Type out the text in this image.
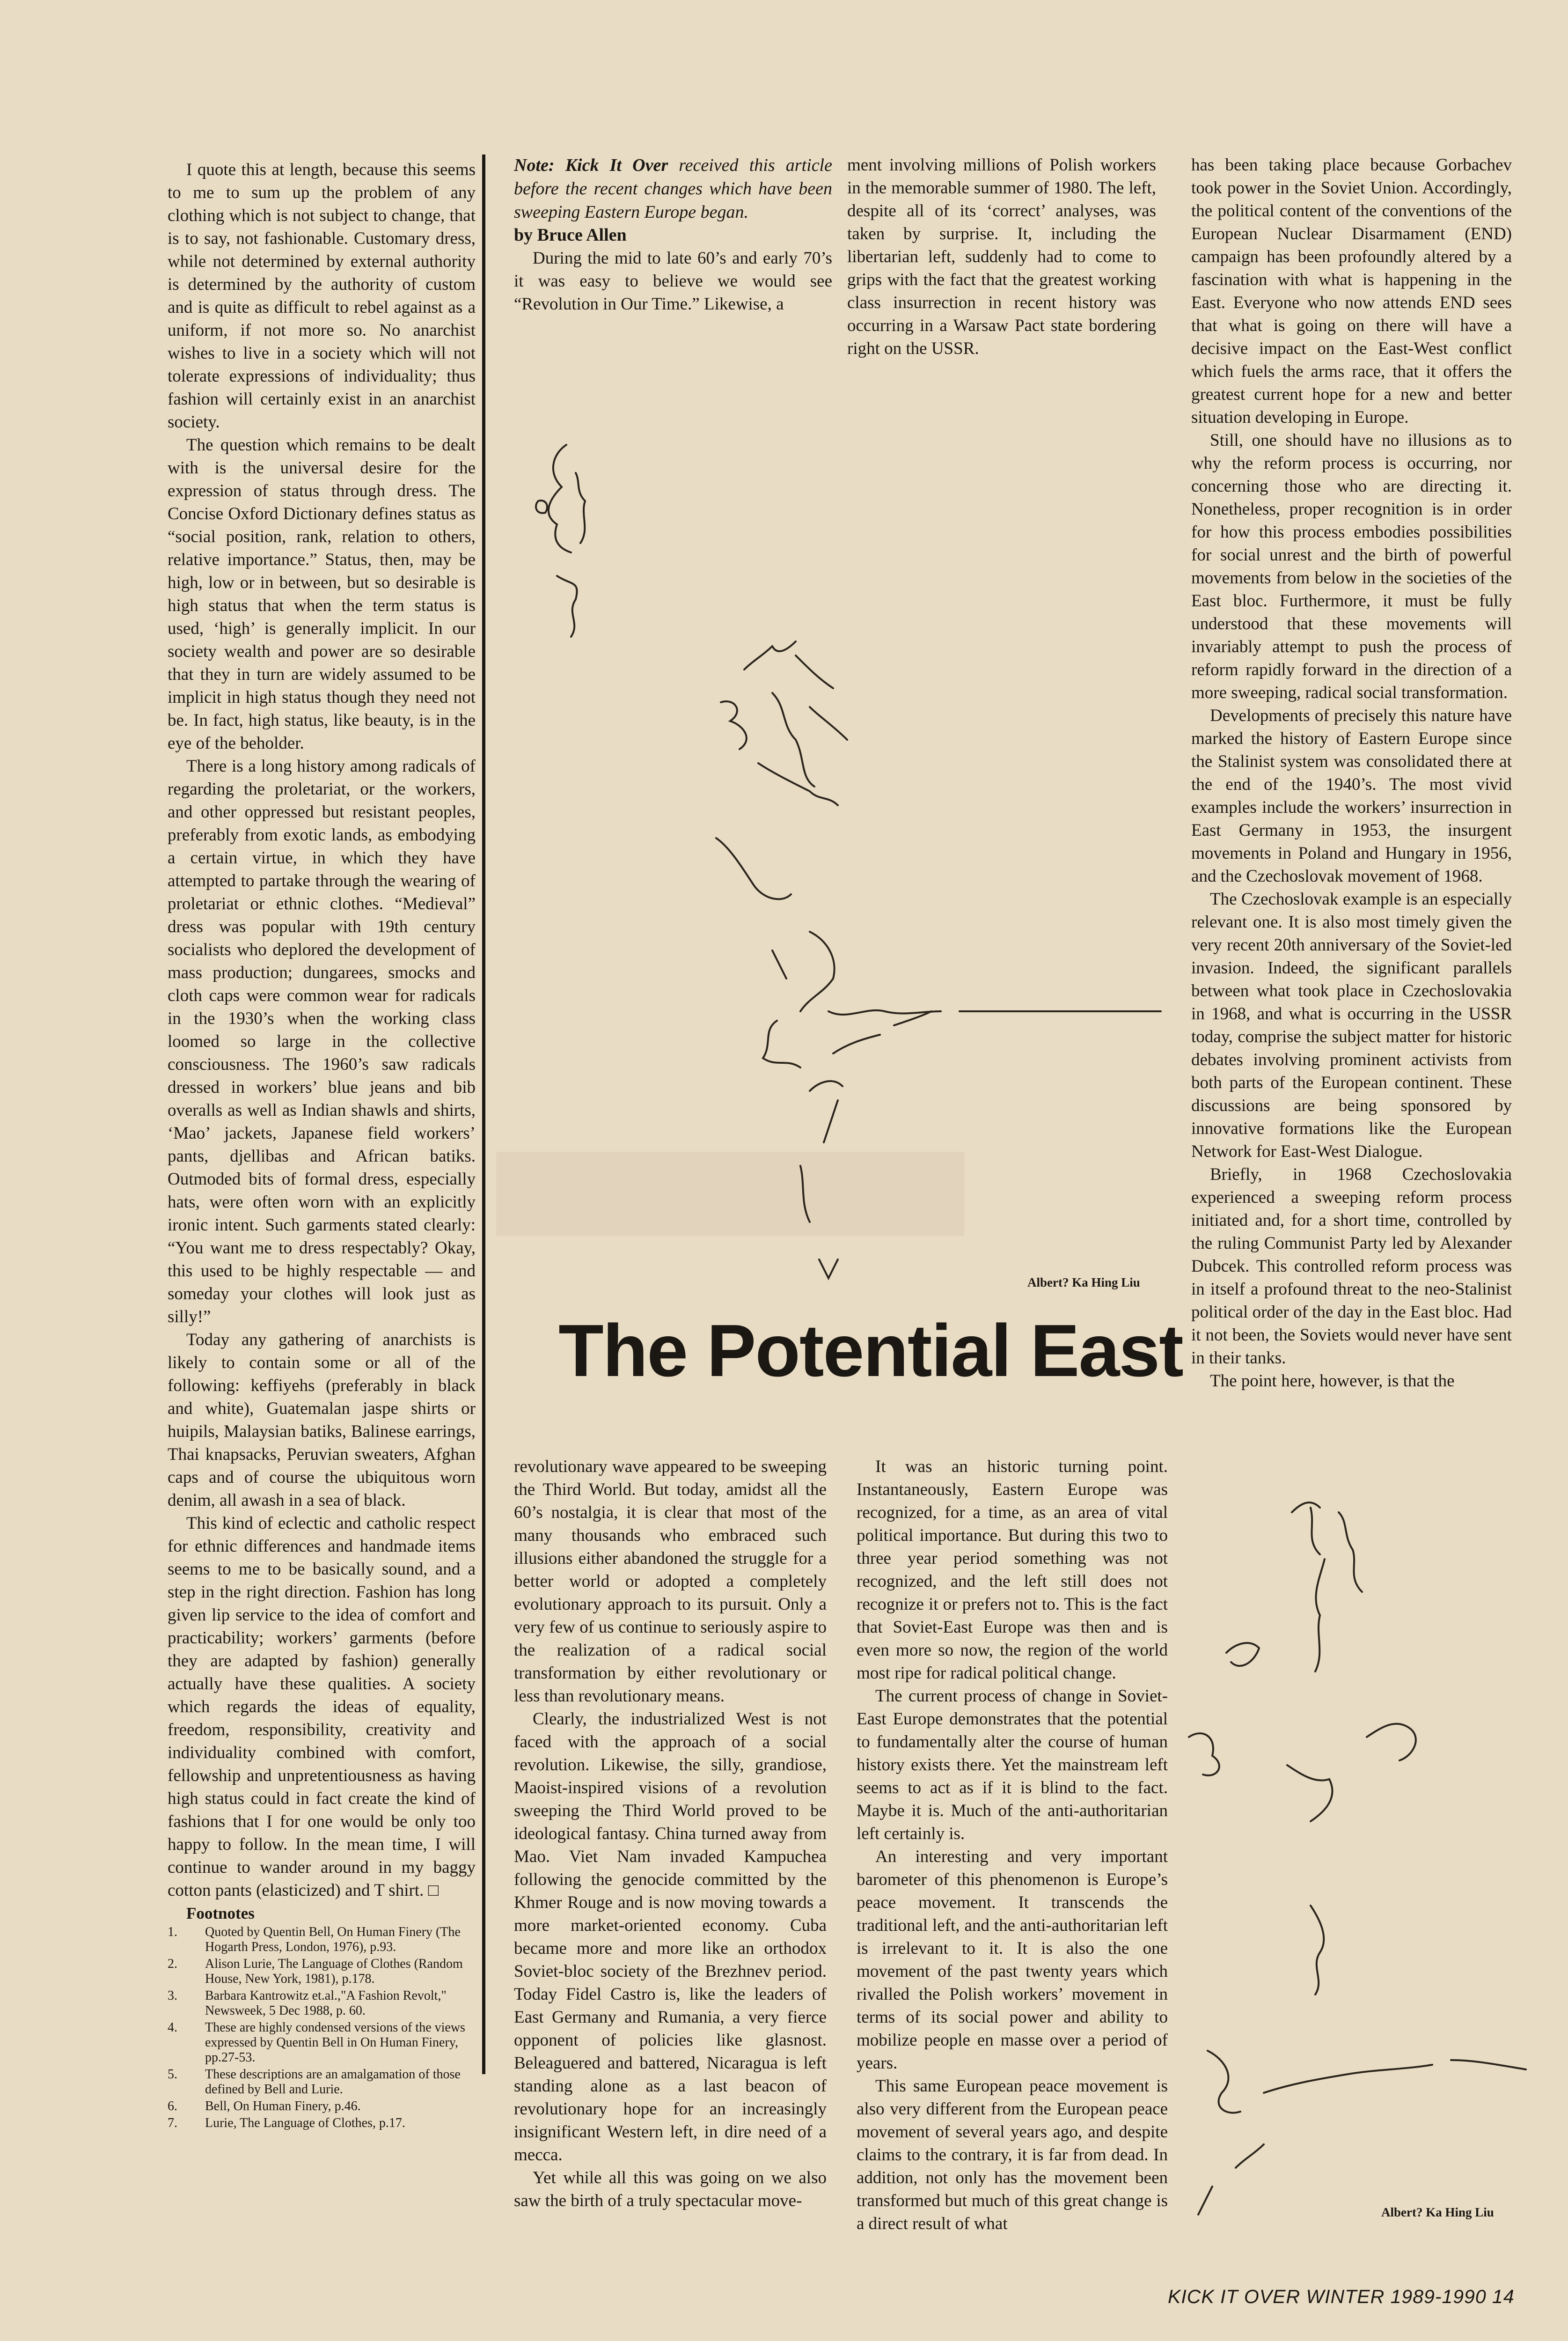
I quote this at length, because this seems to me to sum up the problem of any clothing which is not subject to change, that is to say, not fashionable. Customary dress, while not determined by external authority is determined by the authority of custom and is quite as difficult to rebel against as a uniform, if not more so. No anarchist wishes to live in a society which will not tolerate expressions of individuality; thus fashion will certainly exist in an anarchist society.

The question which remains to be dealt with is the universal desire for the expression of status through dress. The Concise Oxford Dictionary defines status as “social position, rank, relation to others, relative importance.” Status, then, may be high, low or in between, but so desirable is high status that when the term status is used, ‘high’ is generally implicit. In our society wealth and power are so desirable that they in turn are widely assumed to be implicit in high status though they need not be. In fact, high status, like beauty, is in the eye of the beholder.

There is a long history among radicals of regarding the proletariat, or the workers, and other oppressed but resistant peoples, preferably from exotic lands, as embodying a certain virtue, in which they have attempted to partake through the wearing of proletariat or ethnic clothes. “Medieval” dress was popular with 19th century socialists who deplored the development of mass production; dungarees, smocks and cloth caps were common wear for radicals in the 1930’s when the working class loomed so large in the collective consciousness. The 1960’s saw radicals dressed in workers’ blue jeans and bib overalls as well as Indian shawls and shirts, ‘Mao’ jackets, Japanese field workers’ pants, djellibas and African batiks. Outmoded bits of formal dress, especially hats, were often worn with an explicitly ironic intent. Such garments stated clearly: “You want me to dress respectably? Okay, this used to be highly respectable — and someday your clothes will look just as silly!”

Today any gathering of anarchists is likely to contain some or all of the following: keffiyehs (preferably in black and white), Guatemalan jaspe shirts or huipils, Malaysian batiks, Balinese earrings, Thai knapsacks, Peruvian sweaters, Afghan caps and of course the ubiquitous worn denim, all awash in a sea of black.

This kind of eclectic and catholic respect for ethnic differences and handmade items seems to me to be basically sound, and a step in the right direction. Fashion has long given lip service to the idea of comfort and practicability; workers’ garments (before they are adapted by fashion) generally actually have these qualities. A society which regards the ideas of equality, freedom, responsibility, creativity and individuality combined with comfort, fellowship and unpretentiousness as having high status could in fact create the kind of fashions that I for one would be only too happy to follow. In the mean time, I will continue to wander around in my baggy cotton pants (elasticized) and T shirt. □

Footnotes

1. Quoted by Quentin Bell, On Human Finery (The Hogarth Press, London, 1976), p.93.
2. Alison Lurie, The Language of Clothes (Random House, New York, 1981), p.178.
3. Barbara Kantrowitz et.al.,"A Fashion Revolt," Newsweek, 5 Dec 1988, p. 60.
4. These are highly condensed versions of the views expressed by Quentin Bell in On Human Finery, pp.27-53.
5. These descriptions are an amalgamation of those defined by Bell and Lurie.
6. Bell, On Human Finery, p.46.
7. Lurie, The Language of Clothes, p.17.

Note: Kick It Over received this article before the recent changes which have been sweeping Eastern Europe began.

by Bruce Allen

During the mid to late 60’s and early 70’s it was easy to believe we would see “Revolution in Our Time.” Likewise, a

ment involving millions of Polish workers in the memorable summer of 1980. The left, despite all of its ‘correct’ analyses, was taken by surprise. It, including the libertarian left, suddenly had to come to grips with the fact that the greatest working class insurrection in recent history was occurring in a Warsaw Pact state bordering right on the USSR.

Albert? Ka Hing Liu
The Potential East

revolutionary wave appeared to be sweeping the Third World. But today, amidst all the 60’s nostalgia, it is clear that most of the many thousands who embraced such illusions either abandoned the struggle for a better world or adopted a completely evolutionary approach to its pursuit. Only a very few of us continue to seriously aspire to the realization of a radical social transformation by either revolutionary or less than revolutionary means.

Clearly, the industrialized West is not faced with the approach of a social revolution. Likewise, the silly, grandiose, Maoist-inspired visions of a revolution sweeping the Third World proved to be ideological fantasy. China turned away from Mao. Viet Nam invaded Kampuchea following the genocide committed by the Khmer Rouge and is now moving towards a more market-oriented economy. Cuba became more and more like an orthodox Soviet-bloc society of the Brezhnev period. Today Fidel Castro is, like the leaders of East Germany and Rumania, a very fierce opponent of policies like glasnost. Beleaguered and battered, Nicaragua is left standing alone as a last beacon of revolutionary hope for an increasingly insignificant Western left, in dire need of a mecca.

Yet while all this was going on we also saw the birth of a truly spectacular move-

It was an historic turning point. Instantaneously, Eastern Europe was recognized, for a time, as an area of vital political importance. But during this two to three year period something was not recognized, and the left still does not recognize it or prefers not to. This is the fact that Soviet-East Europe was then and is even more so now, the region of the world most ripe for radical political change.

The current process of change in Soviet-East Europe demonstrates that the potential to fundamentally alter the course of human history exists there. Yet the mainstream left seems to act as if it is blind to the fact. Maybe it is. Much of the anti-authoritarian left certainly is.

An interesting and very important barometer of this phenomenon is Europe’s peace movement. It transcends the traditional left, and the anti-authoritarian left is irrelevant to it. It is also the one movement of the past twenty years which rivalled the Polish workers’ movement in terms of its social power and ability to mobilize people en masse over a period of years.

This same European peace movement is also very different from the European peace movement of several years ago, and despite claims to the contrary, it is far from dead. In addition, not only has the movement been transformed but much of this great change is a direct result of what

has been taking place because Gorbachev took power in the Soviet Union. Accordingly, the political content of the conventions of the European Nuclear Disarmament (END) campaign has been profoundly altered by a fascination with what is happening in the East. Everyone who now attends END sees that what is going on there will have a decisive impact on the East-West conflict which fuels the arms race, that it offers the greatest current hope for a new and better situation developing in Europe.

Still, one should have no illusions as to why the reform process is occurring, nor concerning those who are directing it. Nonetheless, proper recognition is in order for how this process embodies possibilities for social unrest and the birth of powerful movements from below in the societies of the East bloc. Furthermore, it must be fully understood that these movements will invariably attempt to push the process of reform rapidly forward in the direction of a more sweeping, radical social transformation.

Developments of precisely this nature have marked the history of Eastern Europe since the Stalinist system was consolidated there at the end of the 1940’s. The most vivid examples include the workers’ insurrection in East Germany in 1953, the insurgent movements in Poland and Hungary in 1956, and the Czechoslovak movement of 1968.

The Czechoslovak example is an especially relevant one. It is also most timely given the very recent 20th anniversary of the Soviet-led invasion. Indeed, the significant parallels between what took place in Czechoslovakia in 1968, and what is occurring in the USSR today, comprise the subject matter for historic debates involving prominent activists from both parts of the European continent. These discussions are being sponsored by innovative formations like the European Network for East-West Dialogue.

Briefly, in 1968 Czechoslovakia experienced a sweeping reform process initiated and, for a short time, controlled by the ruling Communist Party led by Alexander Dubcek. This controlled reform process was in itself a profound threat to the neo-Stalinist political order of the day in the East bloc. Had it not been, the Soviets would never have sent in their tanks.

The point here, however, is that the

Albert? Ka Hing Liu
KICK IT OVER WINTER 1989-1990 14
